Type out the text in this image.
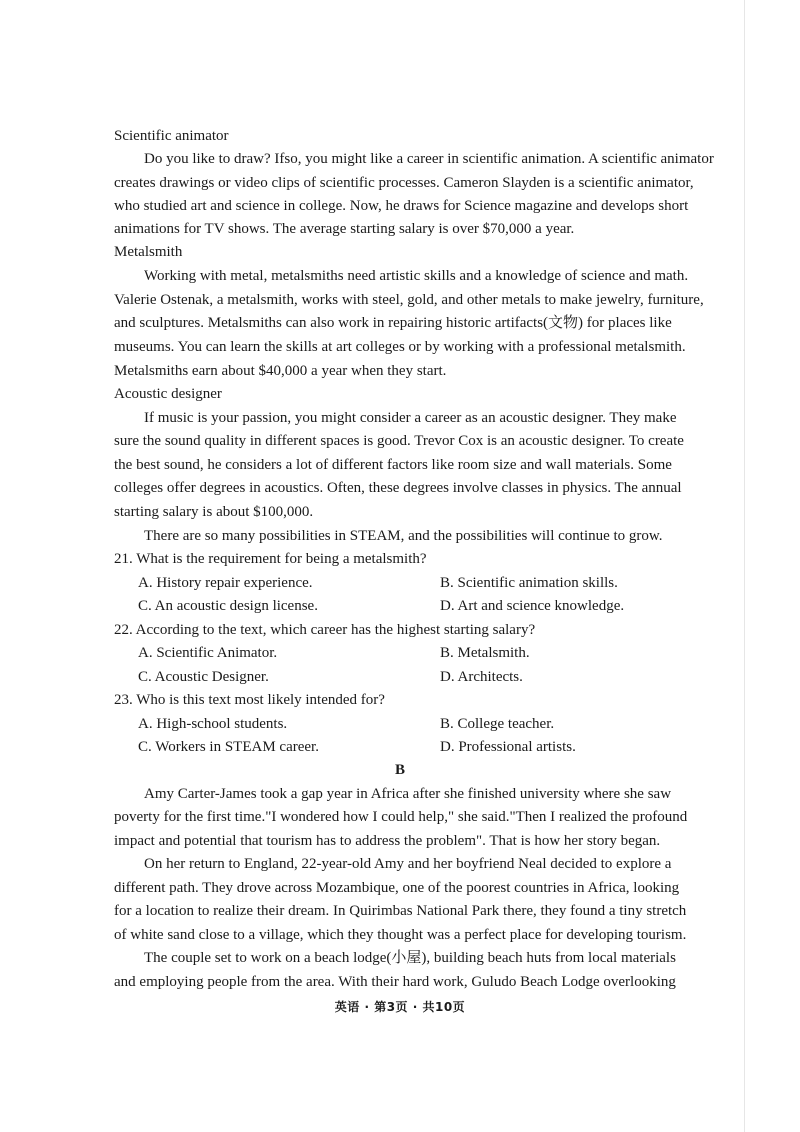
Scientific animator
Do you like to draw? Ifso, you might like a career in scientific animation. A scientific animator
creates drawings or video clips of scientific processes. Cameron Slayden is a scientific animator,
who studied art and science in college. Now, he draws for Science magazine and develops short
animations for TV shows. The average starting salary is over $70,000 a year.
Metalsmith
Working with metal, metalsmiths need artistic skills and a knowledge of science and math.
Valerie Ostenak, a metalsmith, works with steel, gold, and other metals to make jewelry, furniture,
and sculptures. Metalsmiths can also work in repairing historic artifacts(文物) for places like
museums. You can learn the skills at art colleges or by working with a professional metalsmith.
Metalsmiths earn about $40,000 a year when they start.
Acoustic designer
If music is your passion, you might consider a career as an acoustic designer. They make
sure the sound quality in different spaces is good. Trevor Cox is an acoustic designer. To create
the best sound, he considers a lot of different factors like room size and wall materials. Some
colleges offer degrees in acoustics. Often, these degrees involve classes in physics. The annual
starting salary is about $100,000.
There are so many possibilities in STEAM, and the possibilities will continue to grow.
21. What is the requirement for being a metalsmith?
A. History repair experience.	B. Scientific animation skills.
C. An acoustic design license.	D. Art and science knowledge.
22. According to the text, which career has the highest starting salary?
A. Scientific Animator.	B. Metalsmith.
C. Acoustic Designer.	D. Architects.
23. Who is this text most likely intended for?
A. High-school students.	B. College teacher.
C. Workers in STEAM career.	D. Professional artists.
B
Amy Carter-James took a gap year in Africa after she finished university where she saw
poverty for the first time."I wondered how I could help," she said."Then I realized the profound
impact and potential that tourism has to address the problem". That is how her story began.
On her return to England, 22-year-old Amy and her boyfriend Neal decided to explore a
different path. They drove across Mozambique, one of the poorest countries in Africa, looking
for a location to realize their dream. In Quirimbas National Park there, they found a tiny stretch
of white sand close to a village, which they thought was a perfect place for developing tourism.
The couple set to work on a beach lodge(小屋), building beach huts from local materials
and employing people from the area. With their hard work, Guludo Beach Lodge overlooking
英语 · 第3页 · 共10页
